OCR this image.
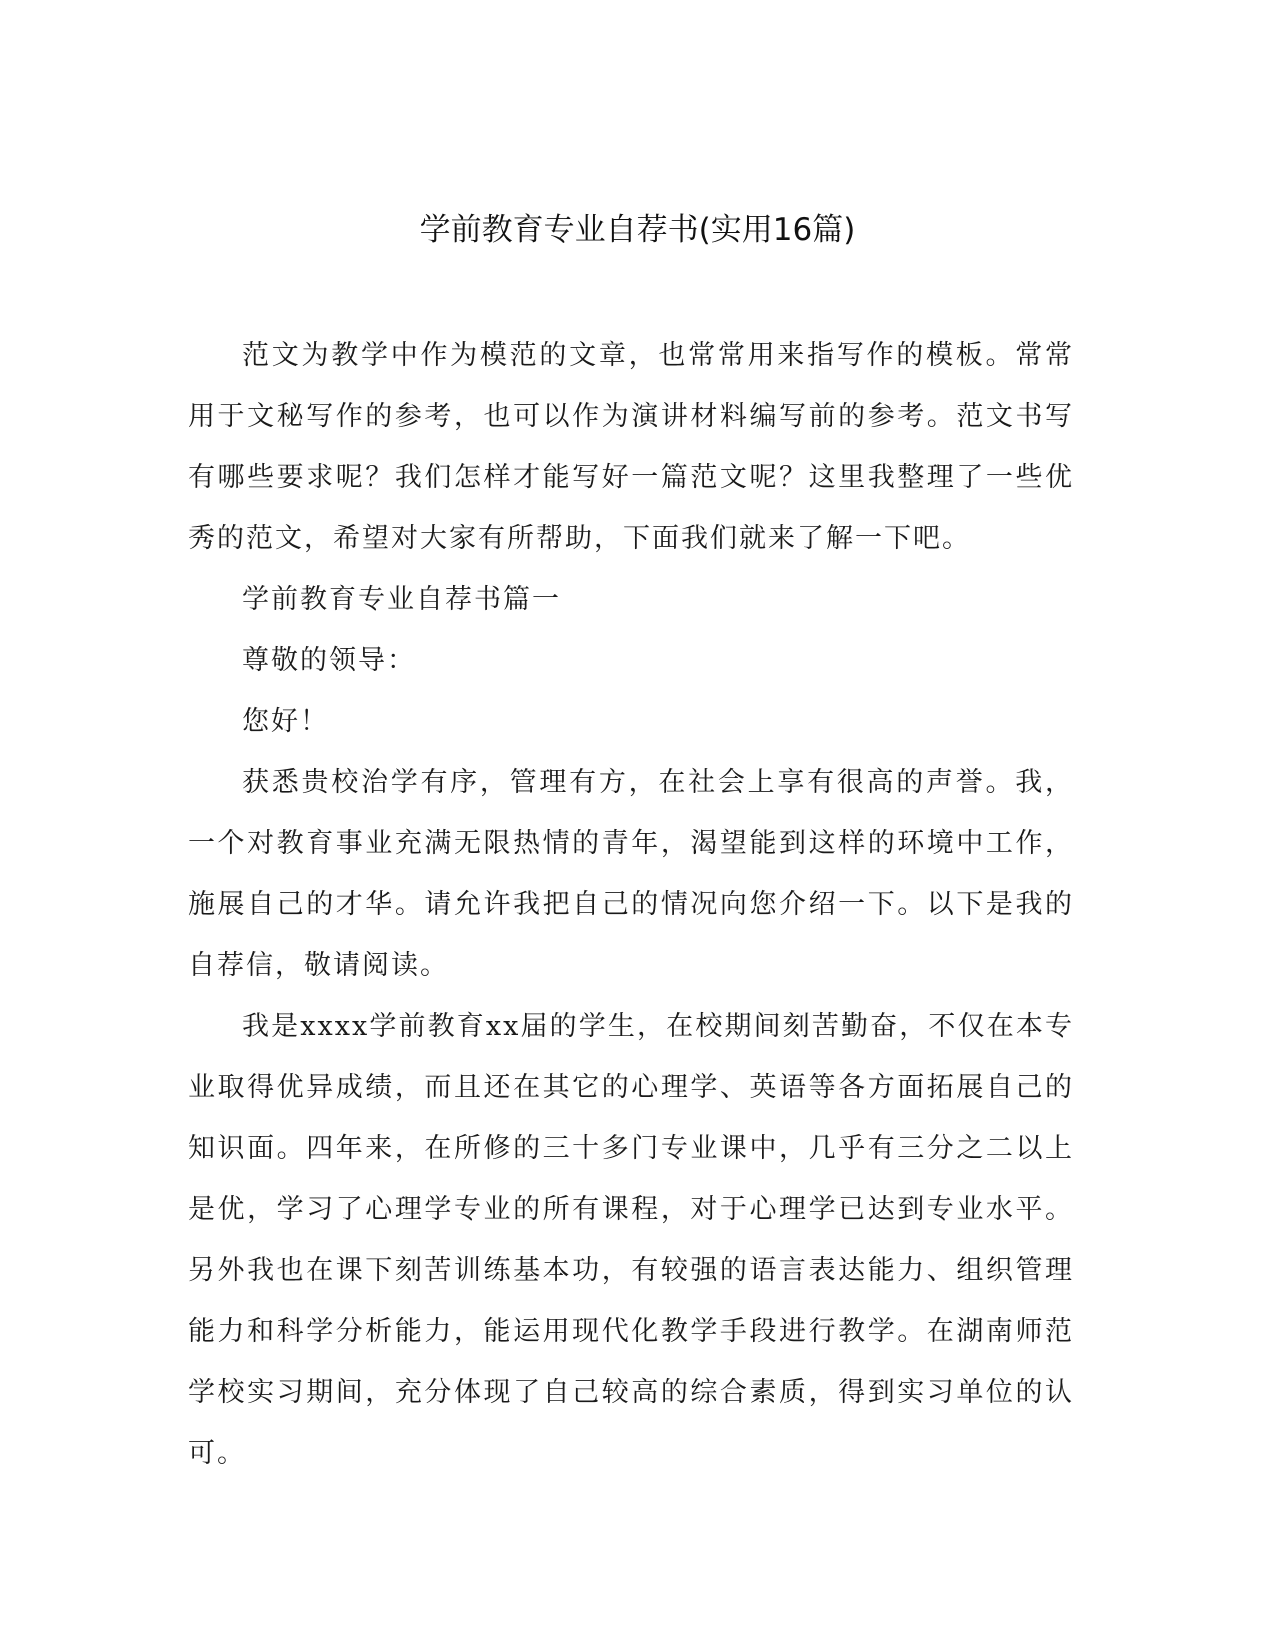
学前教育专业自荐书(实用16篇)

范文为教学中作为模范的文章，也常常用来指写作的模板。常常用于文秘写作的参考，也可以作为演讲材料编写前的参考。范文书写有哪些要求呢？我们怎样才能写好一篇范文呢？这里我整理了一些优秀的范文，希望对大家有所帮助，下面我们就来了解一下吧。

学前教育专业自荐书篇一

尊敬的领导：

您好！

获悉贵校治学有序，管理有方，在社会上享有很高的声誉。我，一个对教育事业充满无限热情的青年，渴望能到这样的环境中工作，施展自己的才华。请允许我把自己的情况向您介绍一下。以下是我的自荐信，敬请阅读。

我是xxxx学前教育xx届的学生，在校期间刻苦勤奋，不仅在本专业取得优异成绩，而且还在其它的心理学、英语等各方面拓展自己的知识面。四年来，在所修的三十多门专业课中，几乎有三分之二以上是优，学习了心理学专业的所有课程，对于心理学已达到专业水平。另外我也在课下刻苦训练基本功，有较强的语言表达能力、组织管理能力和科学分析能力，能运用现代化教学手段进行教学。在湖南师范学校实习期间，充分体现了自己较高的综合素质，得到实习单位的认可。
